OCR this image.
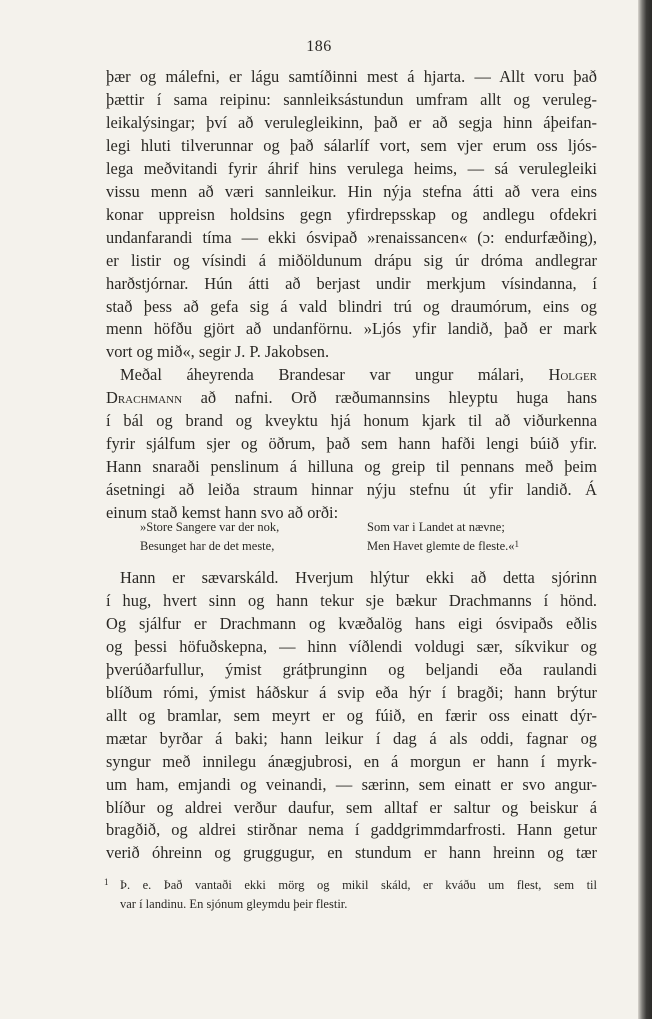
186
þær og málefni, er lágu samtíðinni mest á hjarta. — Allt voru það
þættir í sama reipinu: sannleiksástundun umfram allt og veruleg-
leikalýsingar; því að verulegleikinn, það er að segja hinn áþeifan-
legi hluti tilverunnar og það sálarlíf vort, sem vjer erum oss ljós-
lega meðvitandi fyrir áhrif hins verulega heims, — sá verulegleiki
vissu menn að væri sannleikur. Hin nýja stefna átti að vera eins
konar uppreisn holdsins gegn yfirdrepsskap og andlegu ofdekri
undanfarandi tíma — ekki ósvipað »renaissancen« (ɔ: endurfæðing),
er listir og vísindi á miðöldunum drápu sig úr dróma andlegrar
harðstjórnar. Hún átti að berjast undir merkjum vísindanna, í
stað þess að gefa sig á vald blindri trú og draumórum, eins og
menn höfðu gjört að undanförnu. »Ljós yfir landið, það er mark
vort og mið«, segir J. P. Jakobsen.
Meðal áheyrenda Brandesar var ungur málari, Holger
Drachmann að nafni. Orð ræðumannsins hleyptu huga hans
í bál og brand og kveyktu hjá honum kjark til að viðurkenna
fyrir sjálfum sjer og öðrum, það sem hann hafði lengi búið yfir.
Hann snaraði penslinum á hilluna og greip til pennans með þeim
ásetningi að leiða straum hinnar nýju stefnu út yfir landið. Á
einum stað kemst hann svo að orði:
»Store Sangere var der nok,
Besunget har de det meste,
Som var i Landet at nævne;
Men Havet glemte de fleste.«$^1$
Hann er sævarskáld. Hverjum hlýtur ekki að detta sjórinn
í hug, hvert sinn og hann tekur sje bækur Drachmanns í hönd.
Og sjálfur er Drachmann og kvæðalög hans eigi ósvipaðs eðlis
og þessi höfuðskepna, — hinn víðlendi voldugi sær, síkvikur og
þverúðarfullur, ýmist grátþrunginn og beljandi eða raulandi
blíðum rómi, ýmist háðskur á svip eða hýr í bragði; hann brýtur
allt og bramlar, sem meyrt er og fúið, en færir oss einatt dýr-
mætar byrðar á baki; hann leikur í dag á als oddi, fagnar og
syngur með innilegu ánægjubrosi, en á morgun er hann í myrk-
um ham, emjandi og veinandi, — særinn, sem einatt er svo angur-
blíður og aldrei verður daufur, sem alltaf er saltur og beiskur á
bragðið, og aldrei stirðnar nema í gaddgrimmdarfrosti. Hann getur
verið óhreinn og gruggugur, en stundum er hann hreinn og tær
1 Þ. e. Það vantaði ekki mörg og mikil skáld, er kváðu um flest, sem til
var í landinu. En sjónum gleymdu þeir flestir.
